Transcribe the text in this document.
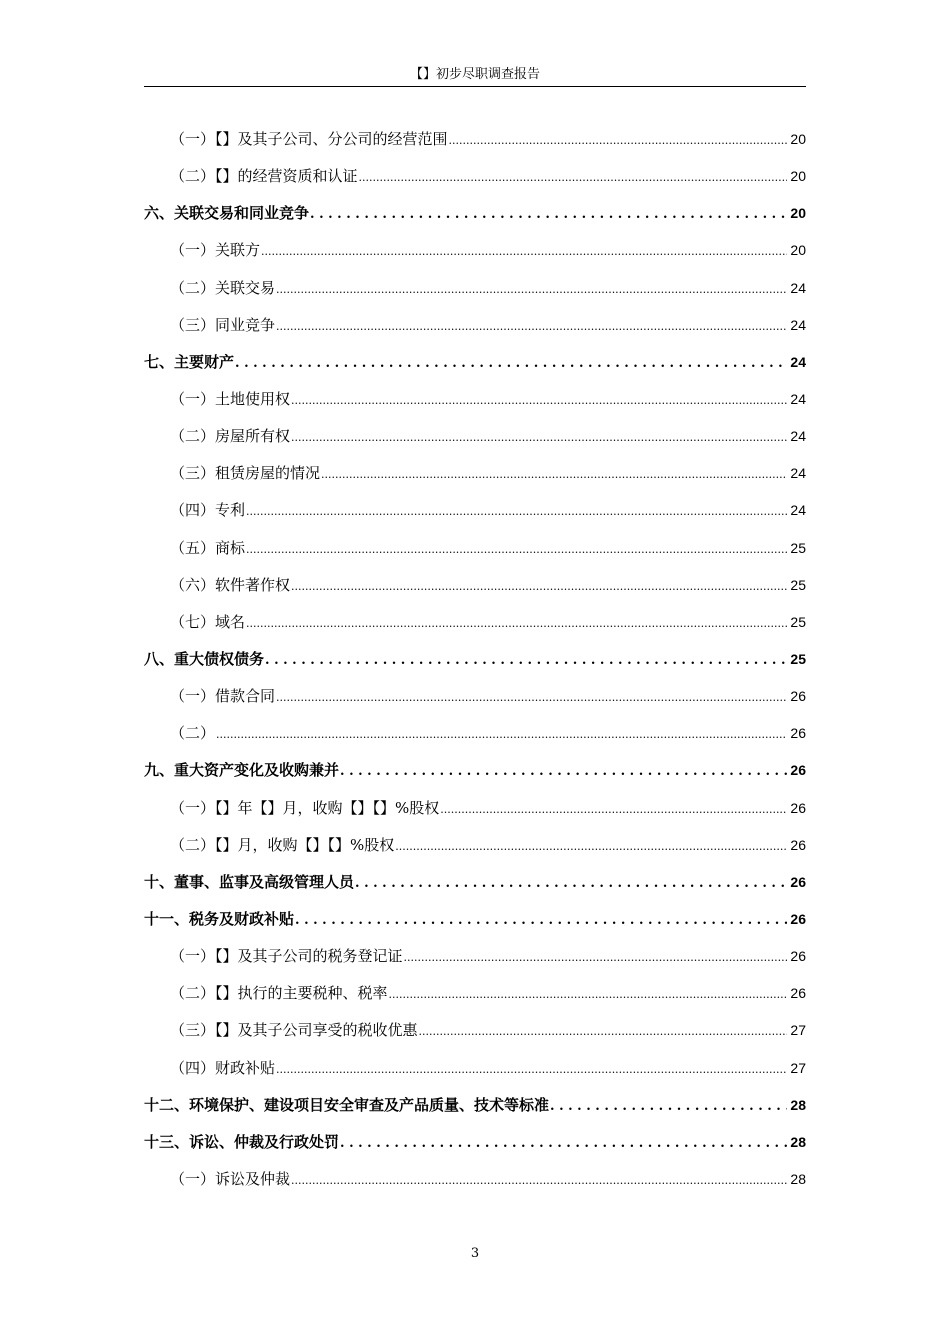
【】初步尽职调查报告
（一）【】及其子公司、分公司的经营范围 .....	20
（二）【】的经营资质和认证 .....	20
六、关联交易和同业竞争 . . .	20
（一）关联方 .....	20
（二）关联交易 .....	24
（三）同业竞争 .....	24
七、主要财产 . . .	24
（一）土地使用权 .....	24
（二）房屋所有权 .....	24
（三）租赁房屋的情况 .....	24
（四）专利 .....	24
（五）商标 .....	25
（六）软件著作权 .....	25
（七）域名 .....	25
八、重大债权债务 . . .	25
（一）借款合同 .....	26
（二） .....	26
九、重大资产变化及收购兼并 . . .	26
（一）【】年【】月，收购【】【】%股权 .....	26
（二）【】月，收购【】【】%股权 .....	26
十、董事、监事及高级管理人员 . . .	26
十一、税务及财政补贴 . . .	26
（一）【】及其子公司的税务登记证 .....	26
（二）【】执行的主要税种、税率 .....	26
（三）【】及其子公司享受的税收优惠 .....	27
（四）财政补贴 .....	27
十二、环境保护、建设项目安全审查及产品质量、技术等标准 . . .	28
十三、诉讼、仲裁及行政处罚 . . .	28
（一）诉讼及仲裁 .....	28
3
